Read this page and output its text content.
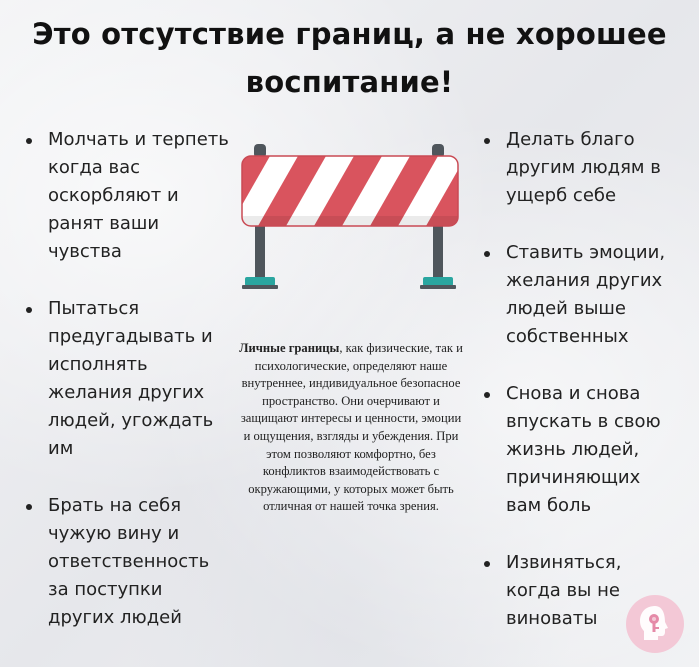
Это отсутствие границ, а не хорошее воспитание!
Молчать и терпеть когда вас оскорбляют и ранят ваши чувства
Пытаться предугадывать и исполнять желания других людей, угождать им
Брать на себя чужую вину и ответственность за поступки других людей
Делать благо другим людям в ущерб себе
Ставить эмоции, желания других людей выше собственных
Снова и снова впускать в свою жизнь людей, причиняющих вам боль
Извиняться, когда вы не виноваты
Личные границы, как физические, так и психологические, определяют наше внутреннее, индивидуальное безопасное пространство. Они очерчивают и защищают интересы и ценности, эмоции и ощущения, взгляды и убеждения. При этом позволяют комфортно, без конфликтов взаимодействовать с окружающими, у которых может быть отличная от нашей точка зрения.
